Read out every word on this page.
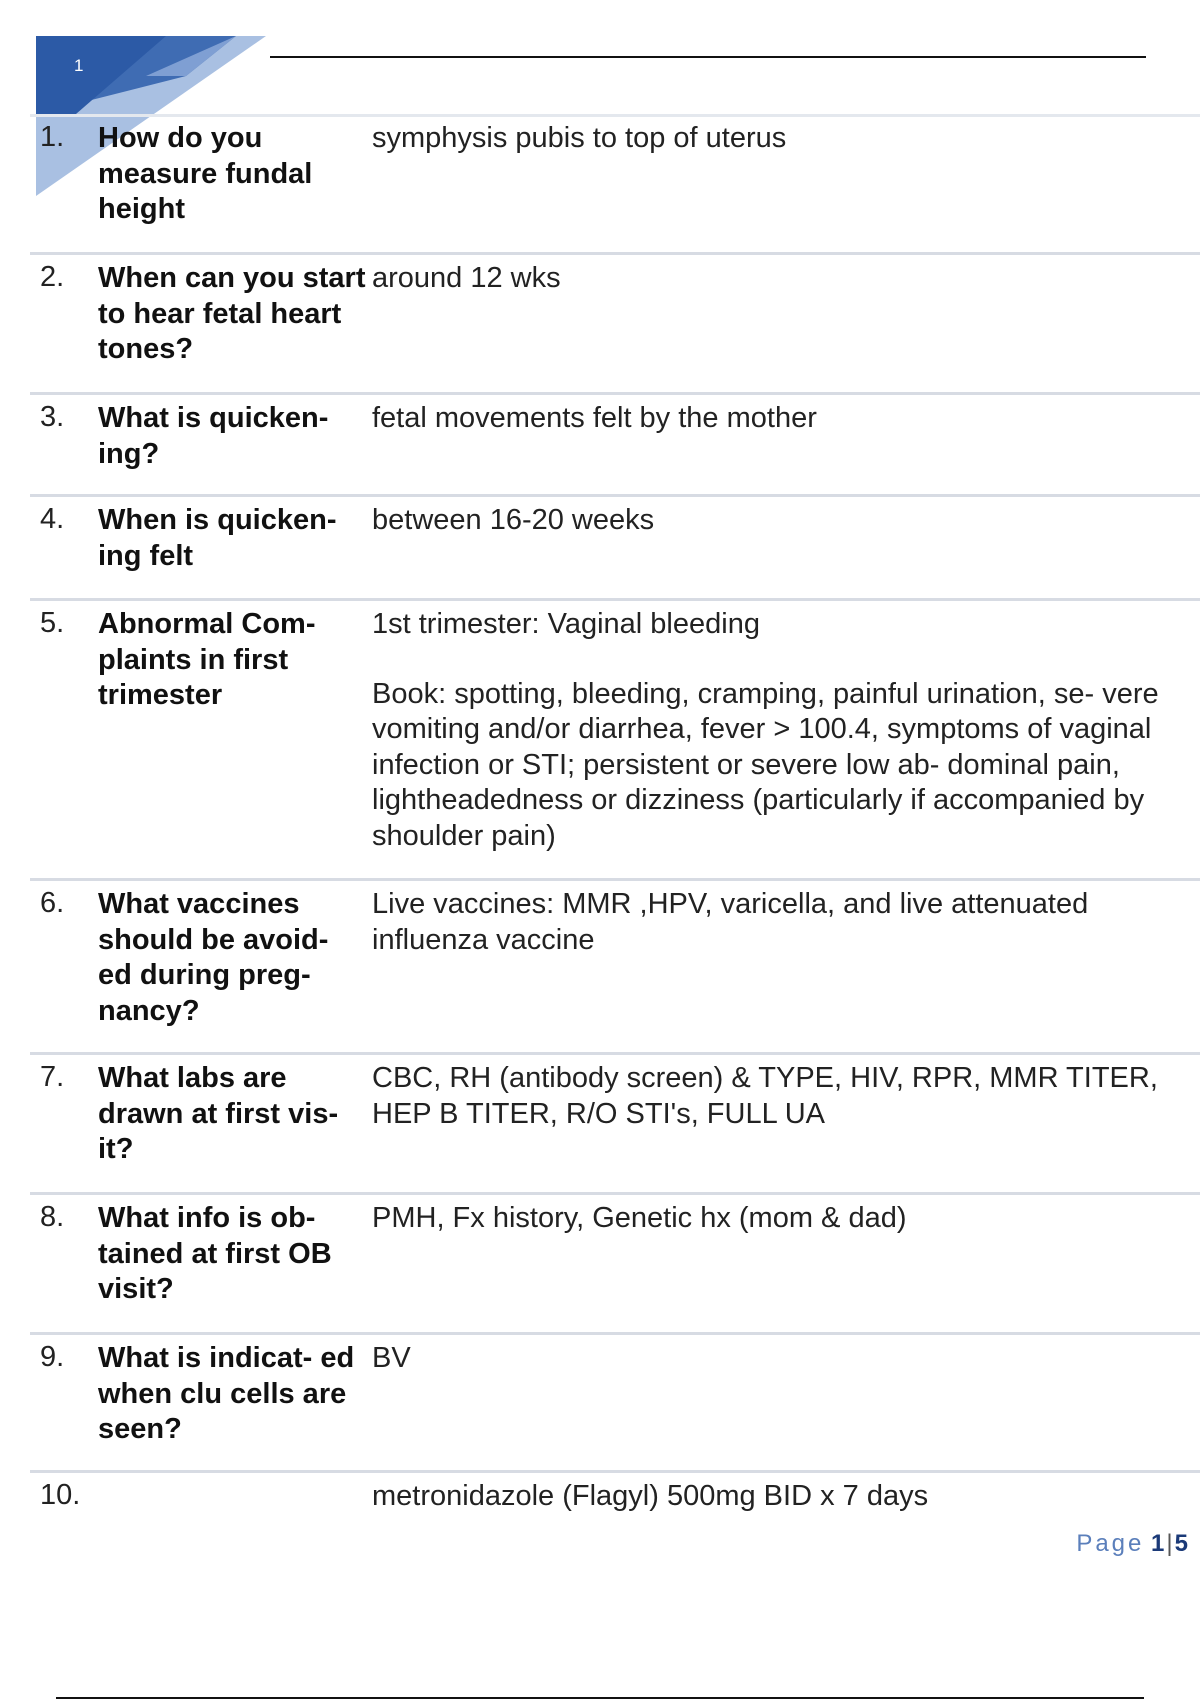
1
1. How do you measure fundal height
symphysis pubis to top of uterus
2. When can you start to hear fetal heart tones?
around 12 wks
3. What is quicken- ing?
fetal movements felt by the mother
4. When is quicken- ing felt
between 16-20 weeks
5. Abnormal Com- plaints in first trimester
1st trimester: Vaginal bleeding
Book: spotting, bleeding, cramping, painful urination, se- vere vomiting and/or diarrhea, fever > 100.4, symptoms of vaginal infection or STI; persistent or severe low ab- dominal pain, lightheadedness or dizziness (particularly if accompanied by shoulder pain)
6. What vaccines should be avoid- ed during preg- nancy?
Live vaccines: MMR ,HPV, varicella, and live attenuated influenza vaccine
7. What labs are drawn at first vis- it?
CBC, RH (antibody screen) & TYPE, HIV, RPR, MMR TITER, HEP B TITER, R/O STI's, FULL UA
8. What info is ob- tained at first OB visit?
PMH, Fx history, Genetic hx (mom & dad)
9. What is indicat- ed when clu cells are seen?
BV
10.	metronidazole (Flagyl) 500mg BID x 7 days
Page 1|5
